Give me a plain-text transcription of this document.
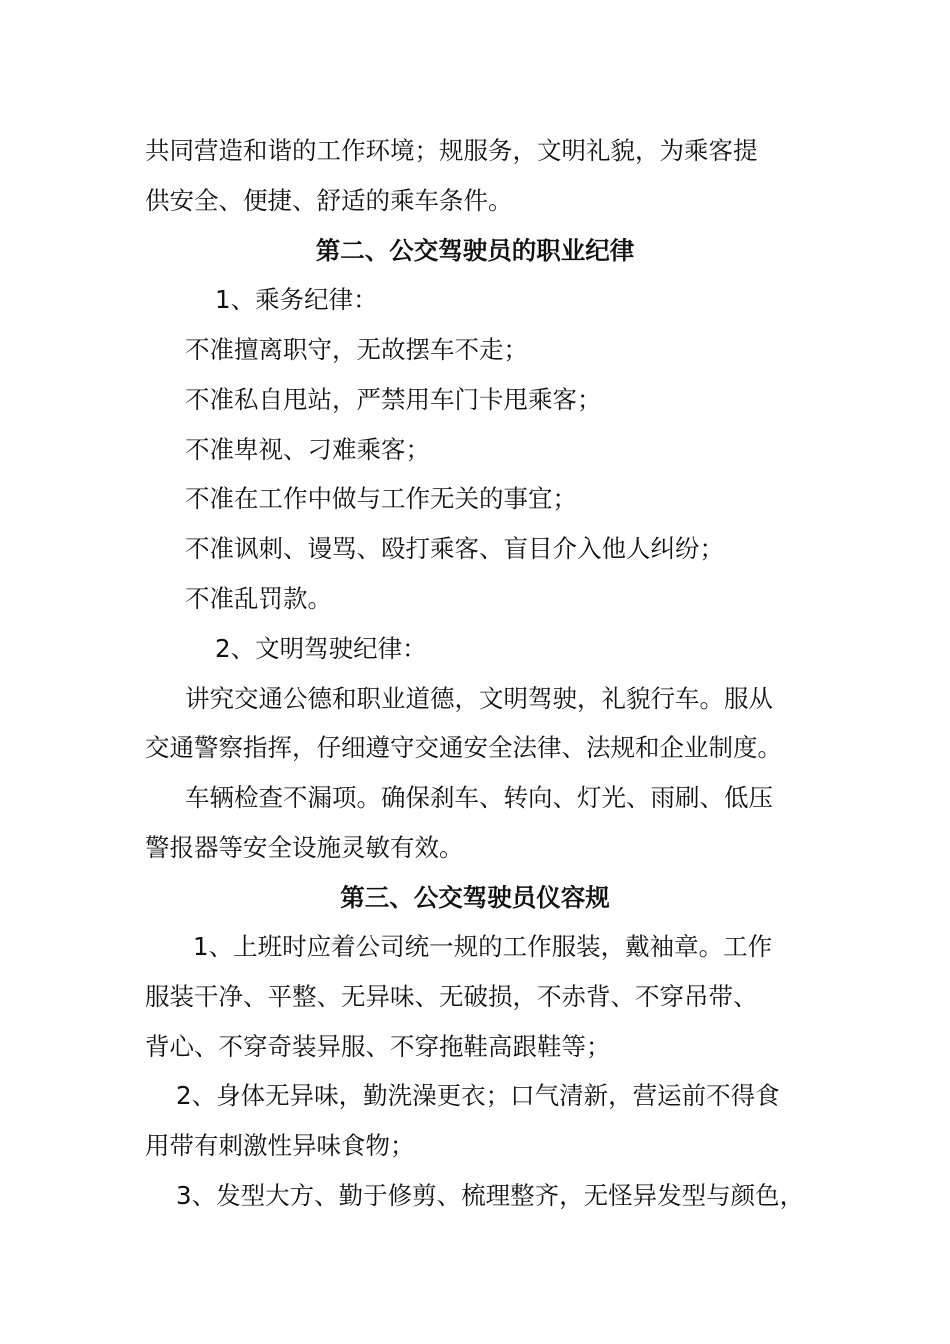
共同营造和谐的工作环境；规服务，文明礼貌，为乘客提
供安全、便捷、舒适的乘车条件。
第二、公交驾驶员的职业纪律
1、乘务纪律：
不准擅离职守，无故摆车不走；
不准私自甩站，严禁用车门卡甩乘客；
不准卑视、刁难乘客；
不准在工作中做与工作无关的事宜；
不准讽刺、谩骂、殴打乘客、盲目介入他人纠纷；
不准乱罚款。
2、文明驾驶纪律：
讲究交通公德和职业道德，文明驾驶，礼貌行车。服从
交通警察指挥，仔细遵守交通安全法律、法规和企业制度。
车辆检查不漏项。确保刹车、转向、灯光、雨刷、低压
警报器等安全设施灵敏有效。
第三、公交驾驶员仪容规
1、上班时应着公司统一规的工作服装，戴袖章。工作
服装干净、平整、无异味、无破损，不赤背、不穿吊带、
背心、不穿奇装异服、不穿拖鞋高跟鞋等；
2、身体无异味，勤洗澡更衣；口气清新，营运前不得食
用带有刺激性异味食物；
3、发型大方、勤于修剪、梳理整齐，无怪异发型与颜色，
